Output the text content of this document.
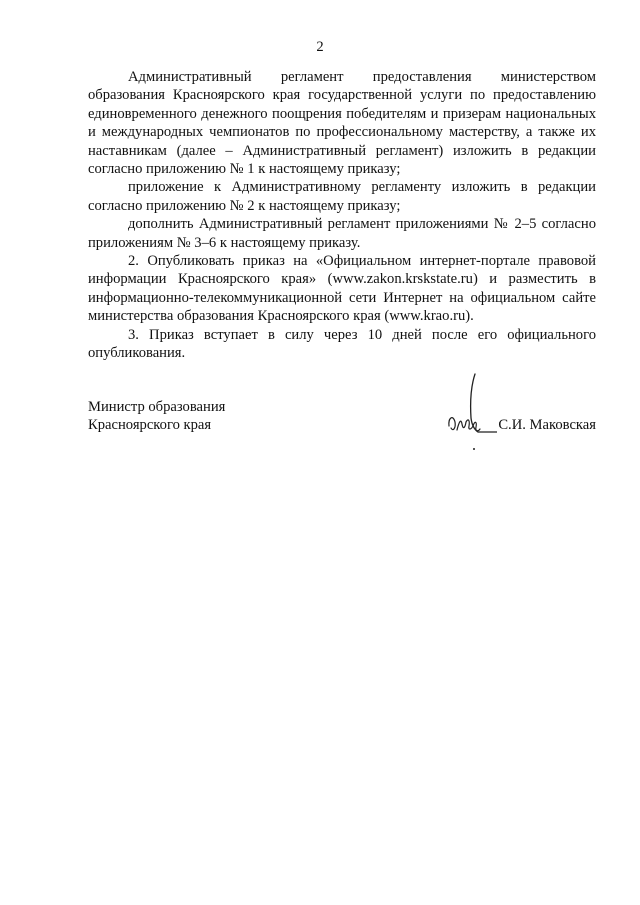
2

Административный регламент предоставления министерством образования Красноярского края государственной услуги по предоставлению единовременного денежного поощрения победителям и призерам национальных и международных чемпионатов по профессиональному мастерству, а также их наставникам (далее – Административный регламент) изложить в редакции согласно приложению № 1 к настоящему приказу;

приложение к Административному регламенту изложить в редакции согласно приложению № 2 к настоящему приказу;

дополнить Административный регламент приложениями № 2–5 согласно приложениям № 3–6 к настоящему приказу.

2. Опубликовать приказ на «Официальном интернет-портале правовой информации Красноярского края» (www.zakon.krskstate.ru) и разместить в информационно-телекоммуникационной сети Интернет на официальном сайте министерства образования Красноярского края (www.krao.ru).

3. Приказ вступает в силу через 10 дней после его официального опубликования.

Министр образования
Красноярского края	С.И. Маковская
